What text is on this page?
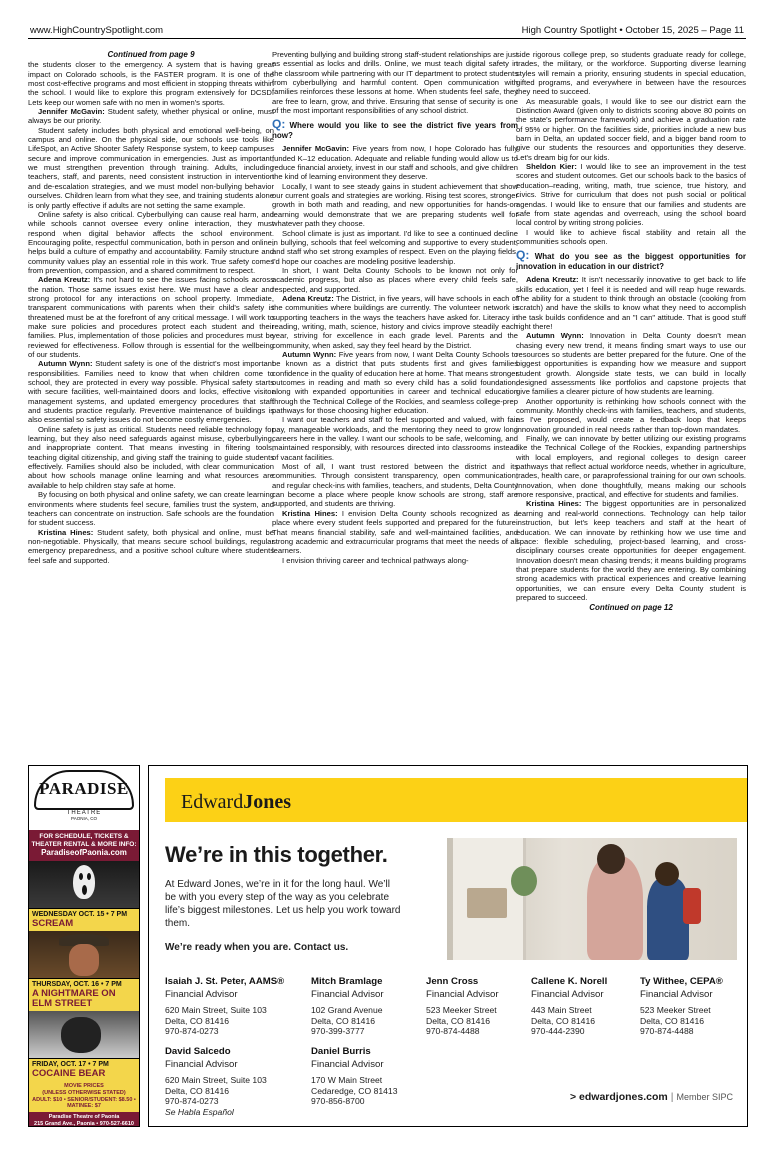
www.HighCountrySpotlight.com	High Country Spotlight • October 15, 2025 – Page 11
Continued from page 9

the students closer to the emergency. A system that is having great impact on Colorado schools, is the FASTER program. It is one of the most cost-effective programs and most efficient in stopping threats within the school. I would like to explore this program extensively for DCSD. Lets keep our women safe with no men in women's sports.

Jennifer McGavin: Student safety, whether physical or online, must always be our priority.

Student safety includes both physical and emotional well-being, on campus and online. On the physical side, our schools use tools like LifeSpot, an Active Shooter Safety Response system, to keep campuses secure and improve communication in emergencies. Just as important, we must strengthen prevention through training. Adults, including teachers, staff, and parents, need consistent instruction in intervention and de-escalation strategies, and we must model non-bullying behavior ourselves. Children learn from what they see, and training students alone is only partly effective if adults are not setting the same example.

Online safety is also critical. Cyberbullying can cause real harm, and while schools cannot oversee every online interaction, they must respond when digital behavior affects the school environment. Encouraging polite, respectful communication, both in person and online, helps build a culture of empathy and accountability. Family structure and community values play an essential role in this work. True safety comes from prevention, compassion, and a shared commitment to respect.

Adena Kreutz: It's not hard to see the issues facing schools across the nation. Those same issues exist here. We must have a clear and strong protocol for any interactions on school property. Immediate, transparent communications with parents when their child's safety is threatened must be at the forefront of any critical message. I will work to make sure policies and procedures protect each student and their families. Plus, implementation of those policies and procedures must be reviewed for effectiveness. Follow through is essential for the wellbeing of our students.

Autumn Wynn: Student safety is one of the district's most important responsibilities. Families need to know that when children come to school, they are protected in every way possible. Physical safety starts with secure facilities, well-maintained doors and locks, effective visitor management systems, and updated emergency procedures that staff and students practice regularly. Preventive maintenance of buildings is also essential so safety issues do not become costly emergencies.

Online safety is just as critical. Students need reliable technology for learning, but they also need safeguards against misuse, cyberbullying, and inappropriate content. That means investing in filtering tools, teaching digital citizenship, and giving staff the training to guide students effectively. Families should also be included, with clear communication about how schools manage online learning and what resources are available to help children stay safe at home.

By focusing on both physical and online safety, we can create learning environments where students feel secure, families trust the system, and teachers can concentrate on instruction. Safe schools are the foundation for student success.

Kristina Hines: Student safety, both physical and online, must be non-negotiable. Physically, that means secure school buildings, regular emergency preparedness, and a positive school culture where students feel safe and supported.

Preventing bullying and building strong staff-student relationships are just as essential as locks and drills. Online, we must teach digital safety in the classroom while partnering with our IT department to protect students from cyberbullying and harmful content. Open communication with families reinforces these lessons at home. When students feel safe, they are free to learn, grow, and thrive. Ensuring that sense of security is one of the most important responsibilities of any school district.

Q: Where would you like to see the district five years from now?

Jennifer McGavin: Five years from now, I hope Colorado has fully funded K–12 education. Adequate and reliable funding would allow us to reduce financial anxiety, invest in our staff and schools, and give children the kind of learning environment they deserve.

Locally, I want to see steady gains in student achievement that show our current goals and strategies are working. Rising test scores, stronger growth in both math and reading, and new opportunities for hands-on learning would demonstrate that we are preparing students well for whatever path they choose.

School climate is just as important. I'd like to see a continued decline in bullying, schools that feel welcoming and supportive to every student, and staff who set strong examples of respect. Even on the playing fields, I'd hope our coaches are modeling positive leadership.

In short, I want Delta County Schools to be known not only for academic progress, but also as places where every child feels safe, respected, and supported.

Adena Kreutz: The District, in five years, will have schools in each of the communities where buildings are currently. The volunteer network is supporting teachers in the ways the teachers have asked for. Literacy in reading, writing, math, science, history and civics improve steadily each year, striving for excellence in each grade level. Parents and the community, when asked, say they feel heard by the District.

Autumn Wynn: Five years from now, I want Delta County Schools to be known as a district that puts students first and gives families confidence in the quality of education here at home. That means stronger outcomes in reading and math so every child has a solid foundation, along with expanded opportunities in career and technical education through the Technical College of the Rockies, and seamless college-prep pathways for those choosing higher education.

I want our teachers and staff to feel supported and valued, with fair pay, manageable workloads, and the mentoring they need to grow long careers here in the valley. I want our schools to be safe, welcoming, and maintained responsibly, with resources directed into classrooms instead of vacant facilities.

Most of all, I want trust restored between the district and its communities. Through consistent transparency, open communication, and regular check-ins with families, teachers, and students, Delta County can become a place where people know schools are strong, staff are supported, and students are thriving.

Kristina Hines: I envision Delta County schools recognized as a place where every student feels supported and prepared for the future. That means financial stability, safe and well-maintained facilities, and strong academic and extracurricular programs that meet the needs of all learners.

I envision thriving career and technical pathways along-

side rigorous college prep, so students graduate ready for college, trades, the military, or the workforce. Supporting diverse learning styles will remain a priority, ensuring students in special education, gifted programs, and everywhere in between have the resources they need to succeed.

As measurable goals, I would like to see our district earn the Distinction Award (given only to districts scoring above 80 points on the state's performance framework) and achieve a graduation rate of 95% or higher. On the facilities side, priorities include a new bus barn in Delta, an updated soccer field, and a bigger band room to give our students the resources and opportunities they deserve. Let's dream big for our kids.

Sheldon Kier: I would like to see an improvement in the test scores and student outcomes. Get our schools back to the basics of education–reading, writing, math, true science, true history, and civics. Strive for curriculum that does not push social or political agendas. I would like to ensure that our families and students are safe from state agendas and overreach, using the school board local control by writing strong policies.

I would like to achieve fiscal stability and retain all the communities schools open.

Q: What do you see as the biggest opportunities for innovation in education in our district?

Adena Kreutz: It isn't necessarily innovative to get back to life skills education, yet I feel it is needed and will reap huge rewards. The ability for a student to think through an obstacle (cooking from scratch) and have the skills to know what they need to accomplish the task builds confidence and an "I can" attitude. That is good stuff right there!

Autumn Wynn: Innovation in Delta County doesn't mean chasing every new trend, it means finding smart ways to use our resources so students are better prepared for the future. One of the biggest opportunities is expanding how we measure and support student growth. Alongside state tests, we can build in locally designed assessments like portfolios and capstone projects that give families a clearer picture of how students are learning.

Another opportunity is rethinking how schools connect with the community. Monthly check-ins with families, teachers, and students, as I've proposed, would create a feedback loop that keeps innovation grounded in real needs rather than top-down mandates.

Finally, we can innovate by better utilizing our existing programs like the Technical College of the Rockies, expanding partnerships with local employers, and regional colleges to design career pathways that reflect actual workforce needs, whether in agriculture, trades, health care, or paraprofessional training for our own schools. Innovation, when done thoughtfully, means making our schools more responsive, practical, and effective for students and families.

Kristina Hines: The biggest opportunities are in personalized learning and real-world connections. Technology can help tailor instruction, but let's keep teachers and staff at the heart of education. We can innovate by rethinking how we use time and space: flexible scheduling, project-based learning, and cross-disciplinary courses create opportunities for deeper engagement. Innovation doesn't mean chasing trends; it means building programs that prepare students for the world they are entering. By combining strong academics with practical experiences and creative learning opportunities, we can ensure every Delta County student is prepared to succeed.

Continued on page 12
PARADISE
THEATRE
PAONIA, CO
FOR SCHEDULE, TICKETS & THEATER RENTAL & MORE INFO:
ParadiseofPaonia.com
WEDNESDAY OCT. 15 • 7 PM
SCREAM
THURSDAY, OCT. 16 • 7 PM
A NIGHTMARE ON ELM STREET
FRIDAY, OCT. 17 • 7 PM
COCAINE BEAR
MOVIE PRICES
(UNLESS OTHERWISE STATED)
ADULT: $10 • SENIOR/STUDENT: $8.50 • MATINEE: $7
Paradise Theatre of Paonia
215 Grand Ave., Paonia • 970-527-6610
EdwardJones
We’re in this together.
At Edward Jones, we’re in it for the long haul. We’ll be with you every step of the way as you celebrate life’s biggest milestones. Let us help you work toward them.
We’re ready when you are. Contact us.
Isaiah J. St. Peter, AAMS®
Financial Advisor
620 Main Street, Suite 103
Delta, CO 81416
970-874-0273
Mitch Bramlage
Financial Advisor
102 Grand Avenue
Delta, CO 81416
970-399-3777
Jenn Cross
Financial Advisor
523 Meeker Street
Delta, CO 81416
970-874-4488
Callene K. Norell
Financial Advisor
443 Main Street
Delta, CO 81416
970-444-2390
Ty Withee, CEPA®
Financial Advisor
523 Meeker Street
Delta, CO 81416
970-874-4488
David Salcedo
Financial Advisor
620 Main Street, Suite 103
Delta, CO 81416
970-874-0273
Se Habla Español
Daniel Burris
Financial Advisor
170 W Main Street
Cedaredge, CO 81413
970-856-8700	> edwardjones.com | Member SIPC
